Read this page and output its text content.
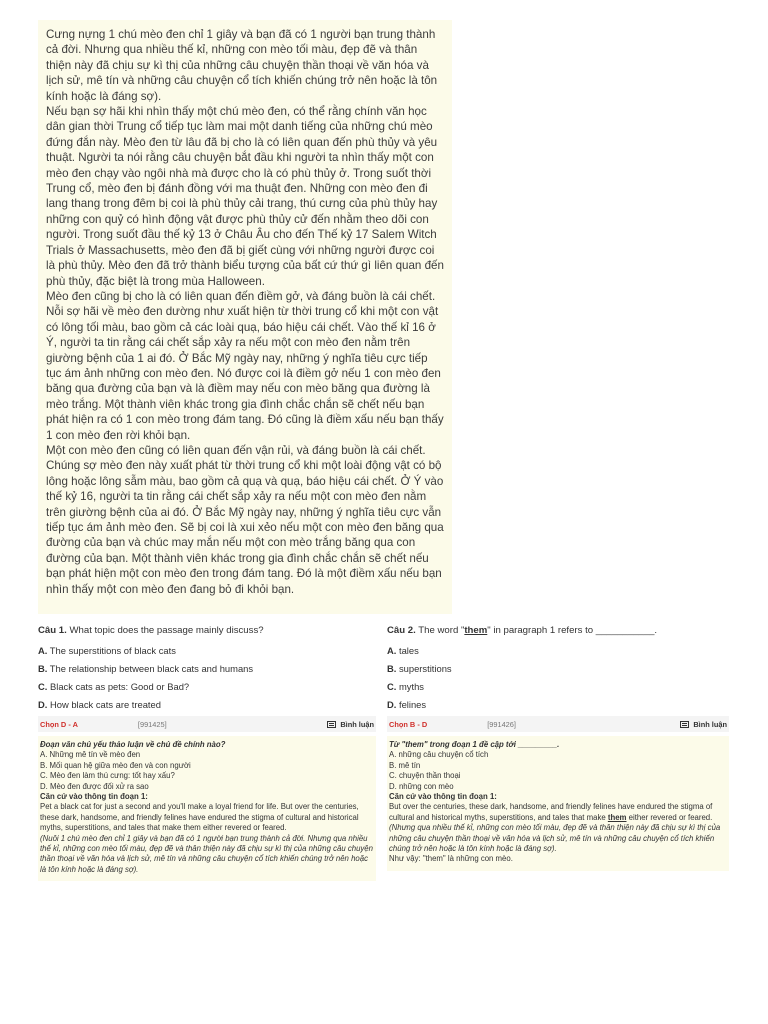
Cưng nựng 1 chú mèo đen chỉ 1 giây và bạn đã có 1 người bạn trung thành cả đời. Nhưng qua nhiều thế kỉ, những con mèo tối màu, đẹp đẽ và thân thiện này đã chịu sự kì thị của những câu chuyện thần thoại về văn hóa và lịch sử, mê tín và những câu chuyện cổ tích khiến chúng trở nên hoặc là tôn kính hoặc là đáng sợ).

Nếu bạn sợ hãi khi nhìn thấy một chú mèo đen, có thể rằng chính văn học dân gian thời Trung cổ tiếp tục làm mai một danh tiếng của những chú mèo đứng đắn này. Mèo đen từ lâu đã bị cho là có liên quan đến phù thủy và yêu thuật. Người ta nói rằng câu chuyện bắt đầu khi người ta nhìn thấy một con mèo đen chạy vào ngôi nhà mà được cho là có phù thủy ở. Trong suốt thời Trung cổ, mèo đen bị đánh đồng với ma thuật đen. Những con mèo đen đi lang thang trong đêm bị coi là phù thủy cải trang, thú cưng của phù thủy hay những con quỷ có hình động vật được phù thủy cử đến nhằm theo dõi con người. Trong suốt đầu thế kỷ 13 ở Châu Âu cho đến Thế kỷ 17 Salem Witch Trials ở Massachusetts, mèo đen đã bị giết cùng với những người được coi là phù thủy. Mèo đen đã trở thành biểu tượng của bất cứ thứ gì liên quan đến phù thủy, đặc biệt là trong mùa Halloween.

Mèo đen cũng bị cho là có liên quan đến điềm gở, và đáng buồn là cái chết. Nỗi sợ hãi về mèo đen dường như xuất hiện từ thời trung cổ khi một con vật có lông tối màu, bao gồm cả các loài quạ, báo hiệu cái chết. Vào thế kỉ 16 ở Ý, người ta tin rằng cái chết sắp xảy ra nếu một con mèo đen nằm trên giường bệnh của 1 ai đó. Ở Bắc Mỹ ngày nay, những ý nghĩa tiêu cực tiếp tục ám ảnh những con mèo đen. Nó được coi là điềm gở nếu 1 con mèo đen băng qua đường của bạn và là điềm may nếu con mèo băng qua đường là mèo trắng. Một thành viên khác trong gia đình chắc chắn sẽ chết nếu bạn phát hiện ra có 1 con mèo trong đám tang. Đó cũng là điềm xấu nếu bạn thấy 1 con mèo đen rời khỏi bạn.

Một con mèo đen cũng có liên quan đến vận rủi, và đáng buồn là cái chết. Chúng sợ mèo đen này xuất phát từ thời trung cổ khi một loài động vật có bộ lông hoặc lông sẫm màu, bao gồm cả quạ và quạ, báo hiệu cái chết. Ở Ý vào thế kỷ 16, người ta tin rằng cái chết sắp xảy ra nếu một con mèo đen nằm trên giường bệnh của ai đó. Ở Bắc Mỹ ngày nay, những ý nghĩa tiêu cực vẫn tiếp tục ám ảnh mèo đen. Sẽ bị coi là xui xẻo nếu một con mèo đen băng qua đường của bạn và chúc may mắn nếu một con mèo trắng băng qua con đường của bạn. Một thành viên khác trong gia đình chắc chắn sẽ chết nếu bạn phát hiện một con mèo đen trong đám tang. Đó là một điềm xấu nếu bạn nhìn thấy một con mèo đen đang bỏ đi khỏi bạn.

Câu 1. What topic does the passage mainly discuss?
A. The superstitions of black cats
B. The relationship between black cats and humans
C. Black cats as pets: Good or Bad?
D. How black cats are treated
Chọn D - A	[991425]	Bình luận

Đoạn văn chủ yếu thảo luận về chủ đề chính nào?

A. Những mê tín về mèo đen

B. Mối quan hệ giữa mèo đen và con người

C. Mèo đen làm thú cưng: tốt hay xấu?

D. Mèo đen được đối xử ra sao

Căn cứ vào thông tin đoạn 1:

Pet a black cat for just a second and you'll make a loyal friend for life. But over the centuries, these dark, handsome, and friendly felines have endured the stigma of cultural and historical myths, superstitions, and tales that make them either revered or feared.

(Nuôi 1 chú mèo đen chỉ 1 giây và bạn đã có 1 người bạn trung thành cả đời. Nhưng qua nhiều thế kỉ, những con mèo tối màu, đẹp đẽ và thân thiện này đã chịu sự kì thị của những câu chuyện thần thoại về văn hóa và lịch sử, mê tín và những câu chuyện cổ tích khiến chúng trở nên hoặc là tôn kính hoặc là đáng sợ).

Câu 2. The word "them" in paragraph 1 refers to ___________.
A. tales
B. superstitions
C. myths
D. felines
Chọn B - D	[991426]	Bình luận

Từ "them" trong đoạn 1 đề cập tới _________.

A. những câu chuyện cổ tích

B. mê tín

C. chuyện thần thoại

D. những con mèo

Căn cứ vào thông tin đoạn 1:

But over the centuries, these dark, handsome, and friendly felines have endured the stigma of cultural and historical myths, superstitions, and tales that make them either revered or feared. (Nhưng qua nhiều thế kỉ, những con mèo tối màu, đẹp đẽ và thân thiện này đã chịu sự kì thị của những câu chuyện thần thoại về văn hóa và lịch sử, mê tín và những câu chuyện cổ tích khiến chúng trở nên hoặc là tôn kính hoặc là đáng sợ).

Như vậy: "them" là những con mèo.
